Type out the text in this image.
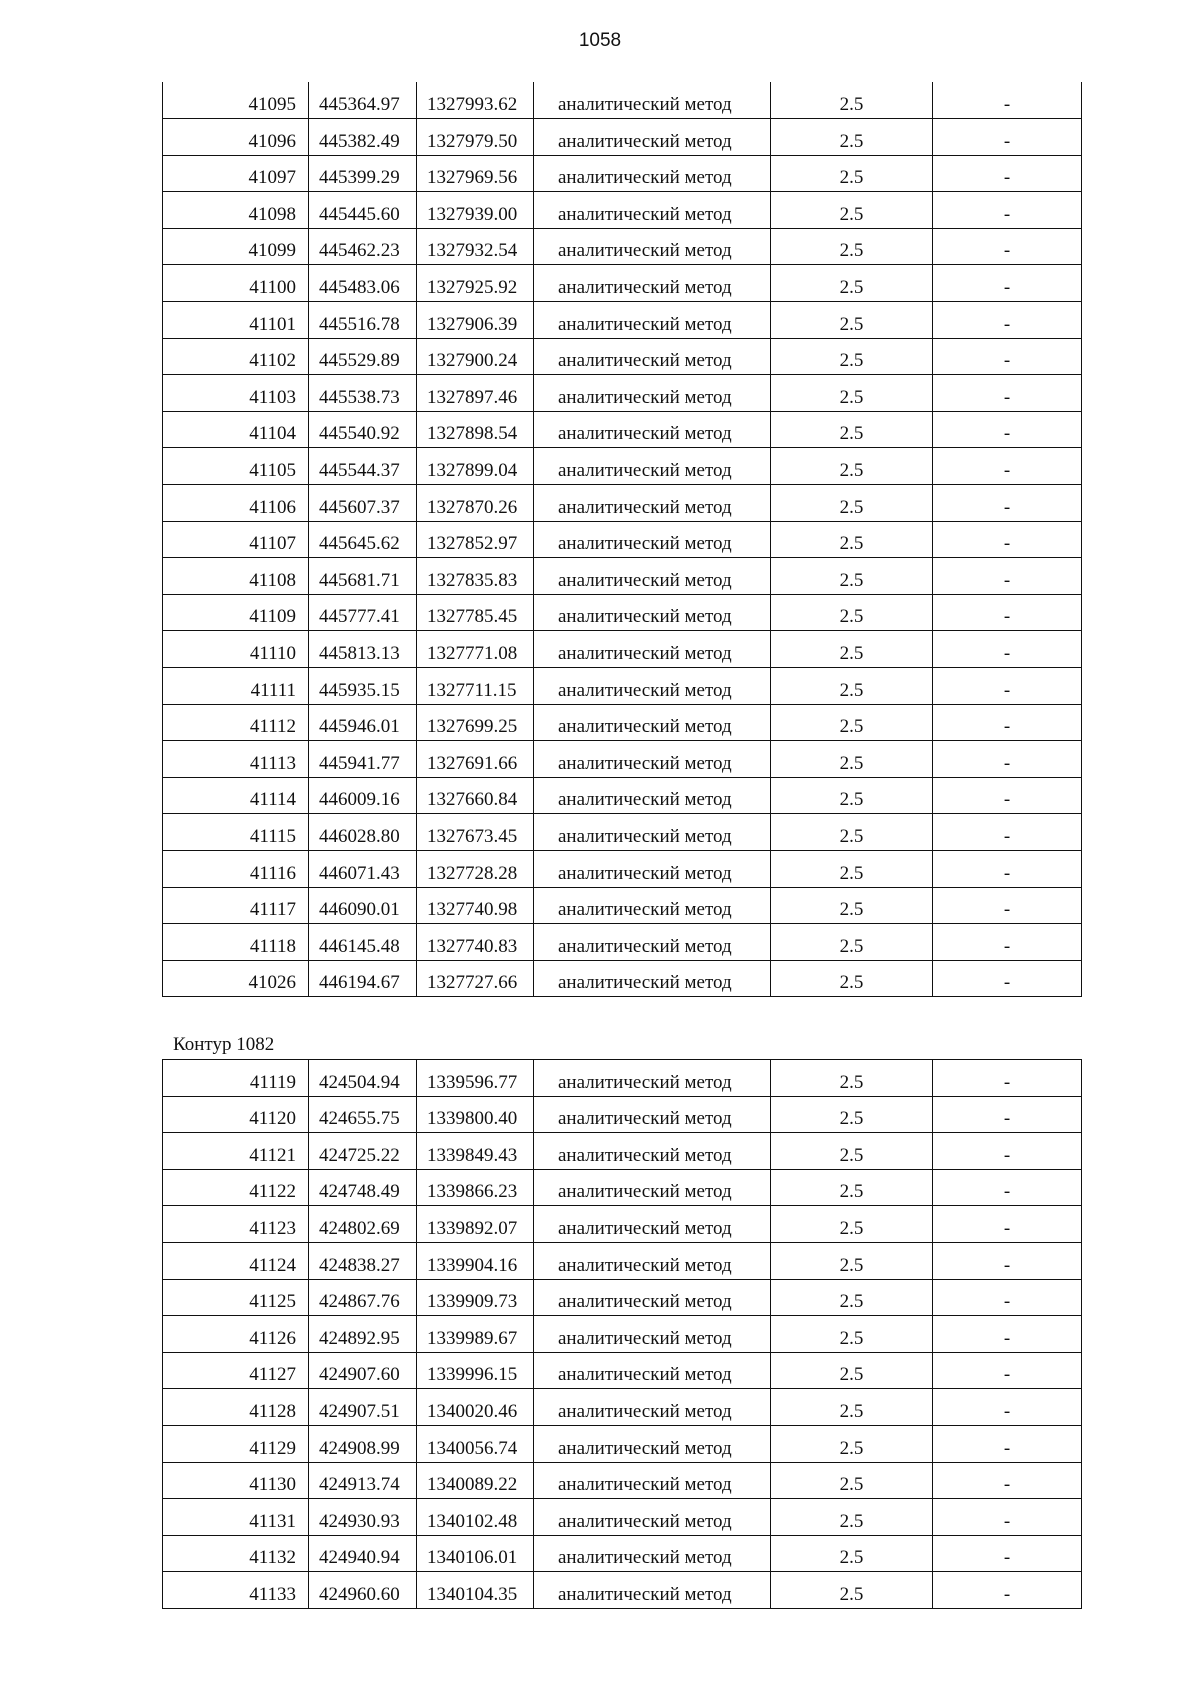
1058
41095	445364.97	1327993.62	аналитический метод	2.5	-
41096	445382.49	1327979.50	аналитический метод	2.5	-
41097	445399.29	1327969.56	аналитический метод	2.5	-
41098	445445.60	1327939.00	аналитический метод	2.5	-
41099	445462.23	1327932.54	аналитический метод	2.5	-
41100	445483.06	1327925.92	аналитический метод	2.5	-
41101	445516.78	1327906.39	аналитический метод	2.5	-
41102	445529.89	1327900.24	аналитический метод	2.5	-
41103	445538.73	1327897.46	аналитический метод	2.5	-
41104	445540.92	1327898.54	аналитический метод	2.5	-
41105	445544.37	1327899.04	аналитический метод	2.5	-
41106	445607.37	1327870.26	аналитический метод	2.5	-
41107	445645.62	1327852.97	аналитический метод	2.5	-
41108	445681.71	1327835.83	аналитический метод	2.5	-
41109	445777.41	1327785.45	аналитический метод	2.5	-
41110	445813.13	1327771.08	аналитический метод	2.5	-
41111	445935.15	1327711.15	аналитический метод	2.5	-
41112	445946.01	1327699.25	аналитический метод	2.5	-
41113	445941.77	1327691.66	аналитический метод	2.5	-
41114	446009.16	1327660.84	аналитический метод	2.5	-
41115	446028.80	1327673.45	аналитический метод	2.5	-
41116	446071.43	1327728.28	аналитический метод	2.5	-
41117	446090.01	1327740.98	аналитический метод	2.5	-
41118	446145.48	1327740.83	аналитический метод	2.5	-
41026	446194.67	1327727.66	аналитический метод	2.5	-
Контур 1082
41119	424504.94	1339596.77	аналитический метод	2.5	-
41120	424655.75	1339800.40	аналитический метод	2.5	-
41121	424725.22	1339849.43	аналитический метод	2.5	-
41122	424748.49	1339866.23	аналитический метод	2.5	-
41123	424802.69	1339892.07	аналитический метод	2.5	-
41124	424838.27	1339904.16	аналитический метод	2.5	-
41125	424867.76	1339909.73	аналитический метод	2.5	-
41126	424892.95	1339989.67	аналитический метод	2.5	-
41127	424907.60	1339996.15	аналитический метод	2.5	-
41128	424907.51	1340020.46	аналитический метод	2.5	-
41129	424908.99	1340056.74	аналитический метод	2.5	-
41130	424913.74	1340089.22	аналитический метод	2.5	-
41131	424930.93	1340102.48	аналитический метод	2.5	-
41132	424940.94	1340106.01	аналитический метод	2.5	-
41133	424960.60	1340104.35	аналитический метод	2.5	-
